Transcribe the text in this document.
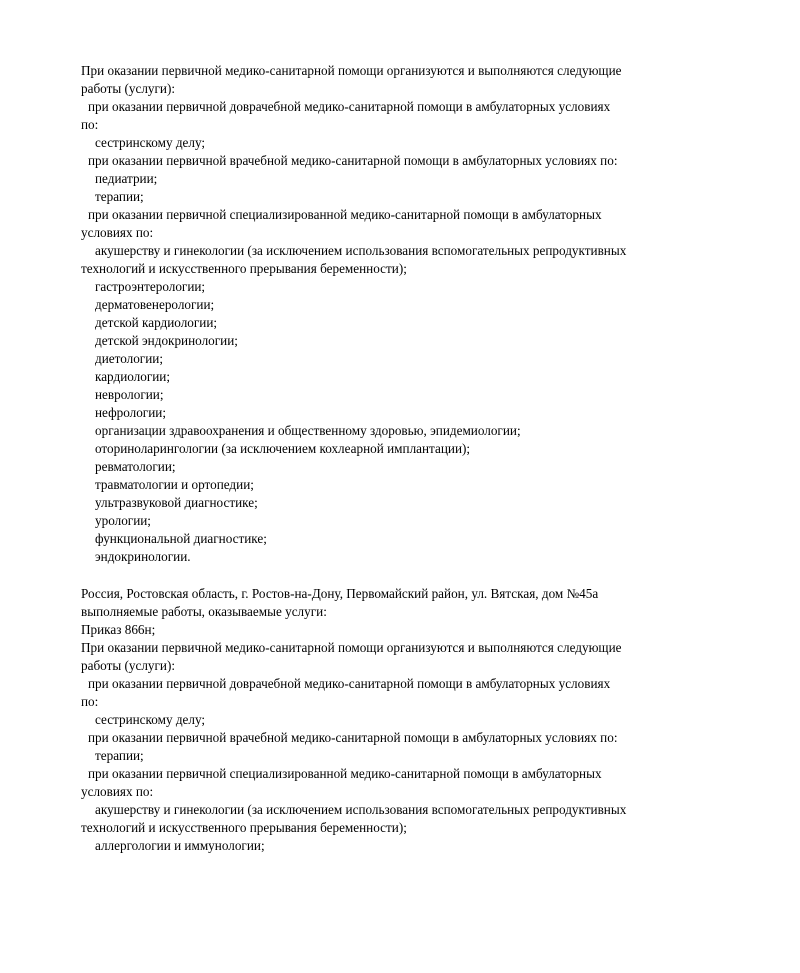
При оказании первичной медико-санитарной помощи организуются и выполняются следующие
работы (услуги):
при оказании первичной доврачебной медико-санитарной помощи в амбулаторных условиях
по:
сестринскому делу;
при оказании первичной врачебной медико-санитарной помощи в амбулаторных условиях по:
педиатрии;
терапии;
при оказании первичной специализированной медико-санитарной помощи в амбулаторных
условиях по:
акушерству и гинекологии (за исключением использования вспомогательных репродуктивных
технологий и искусственного прерывания беременности);
гастроэнтерологии;
дерматовенерологии;
детской кардиологии;
детской эндокринологии;
диетологии;
кардиологии;
неврологии;
нефрологии;
организации здравоохранения и общественному здоровью, эпидемиологии;
оториноларингологии (за исключением кохлеарной имплантации);
ревматологии;
травматологии и ортопедии;
ультразвуковой диагностике;
урологии;
функциональной диагностике;
эндокринологии.
Россия, Ростовская область, г. Ростов-на-Дону, Первомайский район, ул. Вятская, дом №45а
выполняемые работы, оказываемые услуги:
Приказ 866н;
При оказании первичной медико-санитарной помощи организуются и выполняются следующие
работы (услуги):
при оказании первичной доврачебной медико-санитарной помощи в амбулаторных условиях
по:
сестринскому делу;
при оказании первичной врачебной медико-санитарной помощи в амбулаторных условиях по:
терапии;
при оказании первичной специализированной медико-санитарной помощи в амбулаторных
условиях по:
акушерству и гинекологии (за исключением использования вспомогательных репродуктивных
технологий и искусственного прерывания беременности);
аллергологии и иммунологии;
